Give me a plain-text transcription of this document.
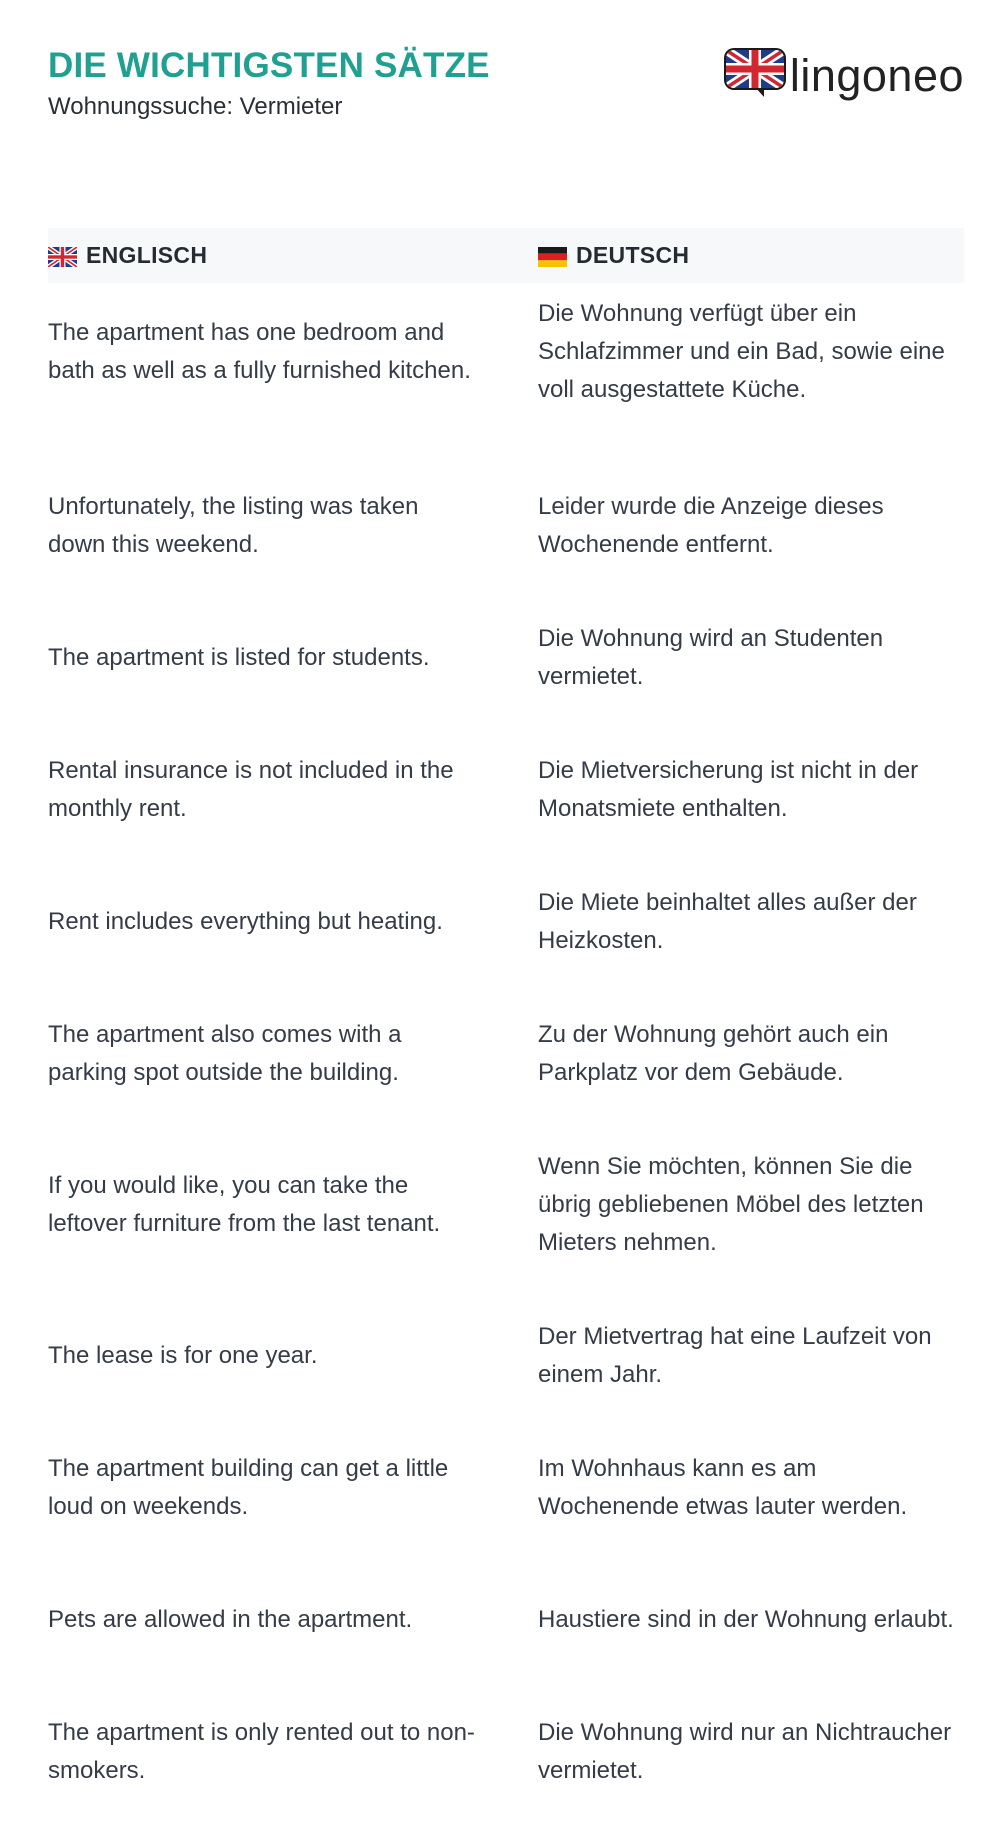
DIE WICHTIGSTEN SÄTZE
Wohnungssuche: Vermieter
lingoneo
ENGLISCH	DEUTSCH
The apartment has one bedroom and bath as well as a fully furnished kitchen.
Die Wohnung verfügt über ein Schlafzimmer und ein Bad, sowie eine voll ausgestattete Küche.
Unfortunately, the listing was taken down this weekend.
Leider wurde die Anzeige dieses Wochenende entfernt.
The apartment is listed for students.
Die Wohnung wird an Studenten vermietet.
Rental insurance is not included in the monthly rent.
Die Mietversicherung ist nicht in der Monatsmiete enthalten.
Rent includes everything but heating.
Die Miete beinhaltet alles außer der Heizkosten.
The apartment also comes with a parking spot outside the building.
Zu der Wohnung gehört auch ein Parkplatz vor dem Gebäude.
If you would like, you can take the leftover furniture from the last tenant.
Wenn Sie möchten, können Sie die übrig gebliebenen Möbel des letzten Mieters nehmen.
The lease is for one year.
Der Mietvertrag hat eine Laufzeit von einem Jahr.
The apartment building can get a little loud on weekends.
Im Wohnhaus kann es am Wochenende etwas lauter werden.
Pets are allowed in the apartment.	Haustiere sind in der Wohnung erlaubt.
The apartment is only rented out to non-smokers.
Die Wohnung wird nur an Nichtraucher vermietet.
